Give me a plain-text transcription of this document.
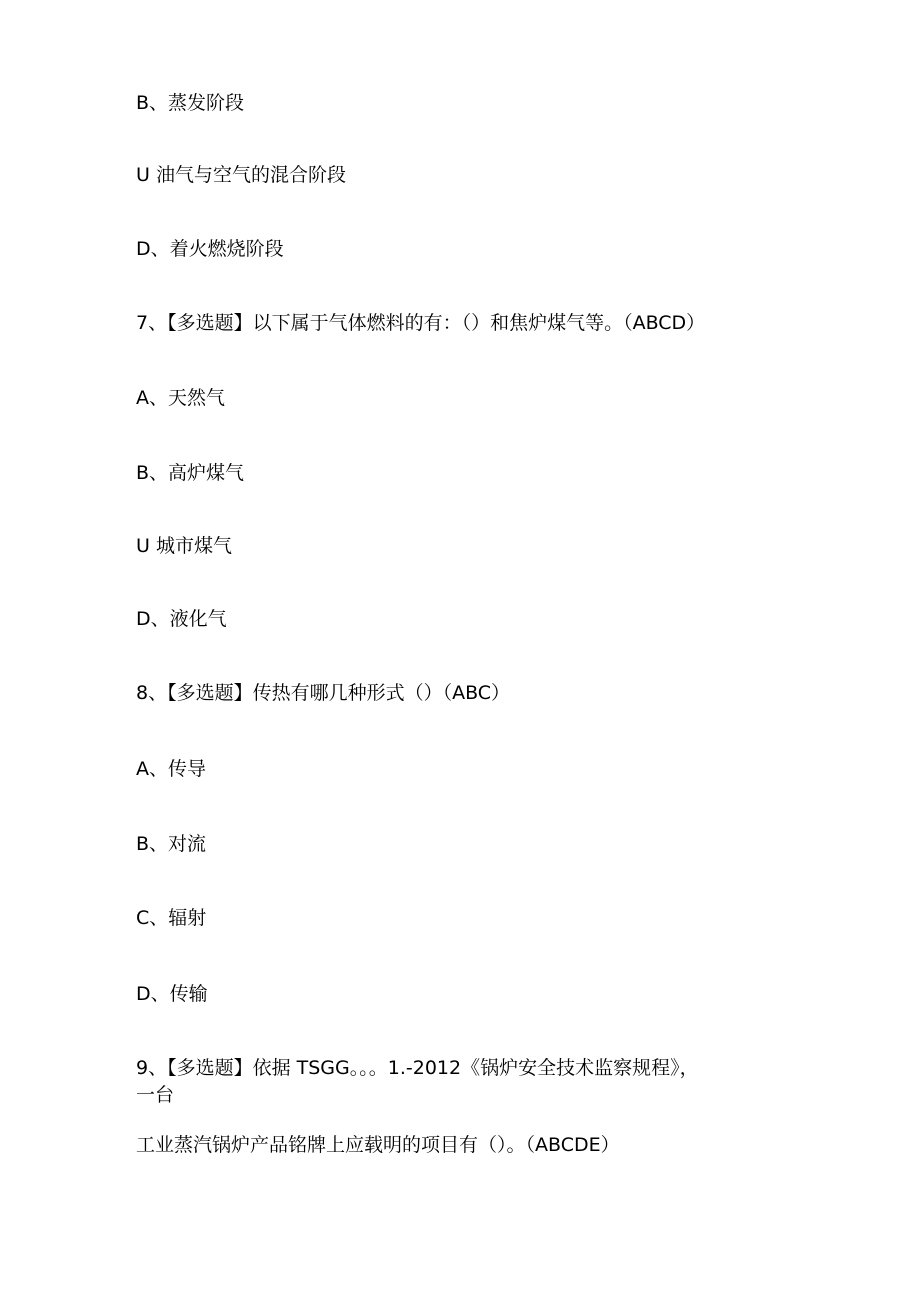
B、蒸发阶段
U 油气与空气的混合阶段
D、着火燃烧阶段
7、【多选题】以下属于气体燃料的有：（）和焦炉煤气等。（ABCD）
A、天然气
B、高炉煤气
U 城市煤气
D、液化气
8、【多选题】传热有哪几种形式（）（ABC）
A、传导
B、对流
C、辐射
D、传输
9、【多选题】依据 TSGG。。。1.-2012《锅炉安全技术监察规程》，
一台
工业蒸汽锅炉产品铭牌上应载明的项目有（）。（ABCDE）
